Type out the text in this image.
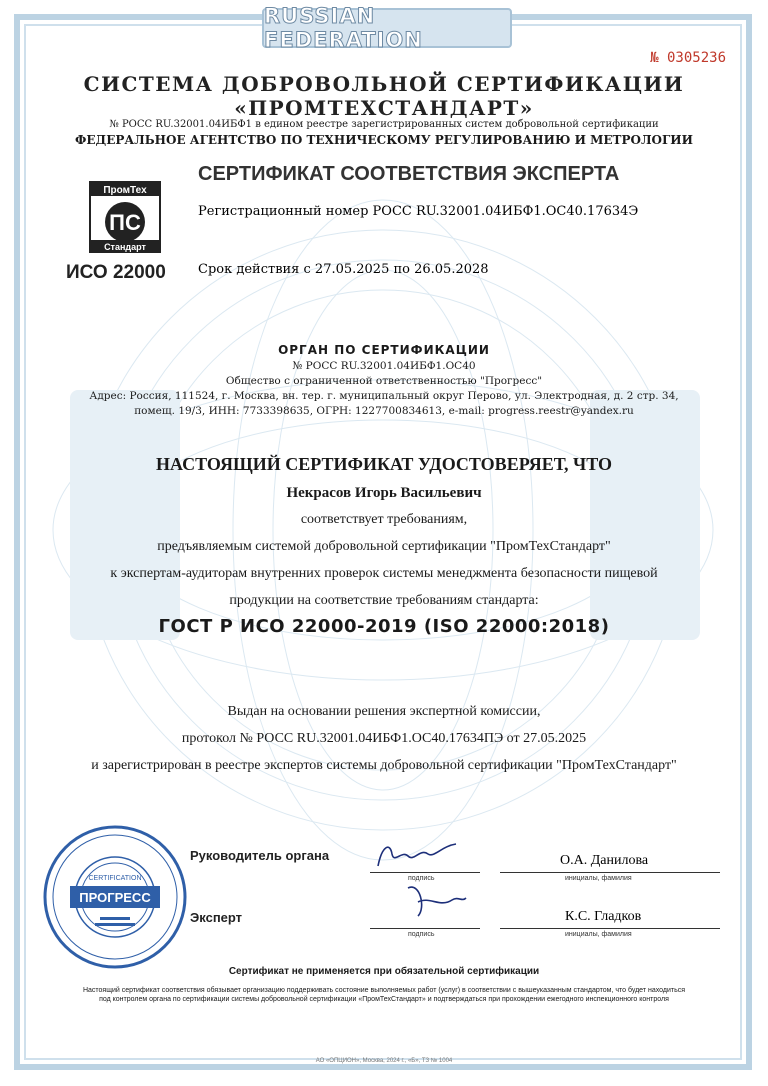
RUSSIAN FEDERATION
№ 0305236
СИСТЕМА ДОБРОВОЛЬНОЙ СЕРТИФИКАЦИИ
«ПРОМТЕХСТАНДАРТ»
№ РОСС RU.32001.04ИБФ1 в едином реестре зарегистрированных систем добровольной сертификации
ФЕДЕРАЛЬНОЕ АГЕНТСТВО ПО ТЕХНИЧЕСКОМУ РЕГУЛИРОВАНИЮ И МЕТРОЛОГИИ
ПромТех
ПС
Стандарт
ИСО 22000
СЕРТИФИКАТ СООТВЕТСТВИЯ ЭКСПЕРТА
Регистрационный номер РОСС RU.32001.04ИБФ1.ОС40.17634Э
Срок действия с 27.05.2025 по 26.05.2028
ОРГАН ПО СЕРТИФИКАЦИИ
№ РОСС RU.32001.04ИБФ1.ОС40
Общество с ограниченной ответственностью "Прогресс"
Адрес: Россия, 111524, г. Москва, вн. тер. г. муниципальный округ Перово, ул. Электродная, д. 2 стр. 34,
помещ. 19/3, ИНН: 7733398635, ОГРН: 1227700834613, e-mail: progress.reestr@yandex.ru
НАСТОЯЩИЙ СЕРТИФИКАТ УДОСТОВЕРЯЕТ, ЧТО
Некрасов Игорь Васильевич
соответствует требованиям,
предъявляемым системой добровольной сертификации "ПромТехСтандарт"
к экспертам-аудиторам внутренних проверок системы менеджмента безопасности пищевой
продукции на соответствие требованиям стандарта:
ГОСТ Р ИСО 22000-2019 (ISO 22000:2018)
Выдан на основании решения экспертной комиссии,
протокол № РОСС RU.32001.04ИБФ1.ОС40.17634ПЭ от 27.05.2025
и зарегистрирован в реестре экспертов системы добровольной сертификации "ПромТехСтандарт"
ПРОГРЕСС
CERTIFICATION
Руководитель органа
подпись
О.А. Данилова
инициалы, фамилия
Эксперт
подпись
К.С. Гладков
инициалы, фамилия
Сертификат не применяется при обязательной сертификации
Настоящий сертификат соответствия обязывает организацию поддерживать состояние выполняемых работ (услуг) в соответствии с вышеуказанным стандартом, что будет находиться под контролем органа по сертификации системы добровольной сертификации «ПромТехСтандарт» и подтверждаться при прохождении ежегодного инспекционного контроля
АО «ОПЦИОН», Москва, 2024 г., «Б», ТЗ № 1004
